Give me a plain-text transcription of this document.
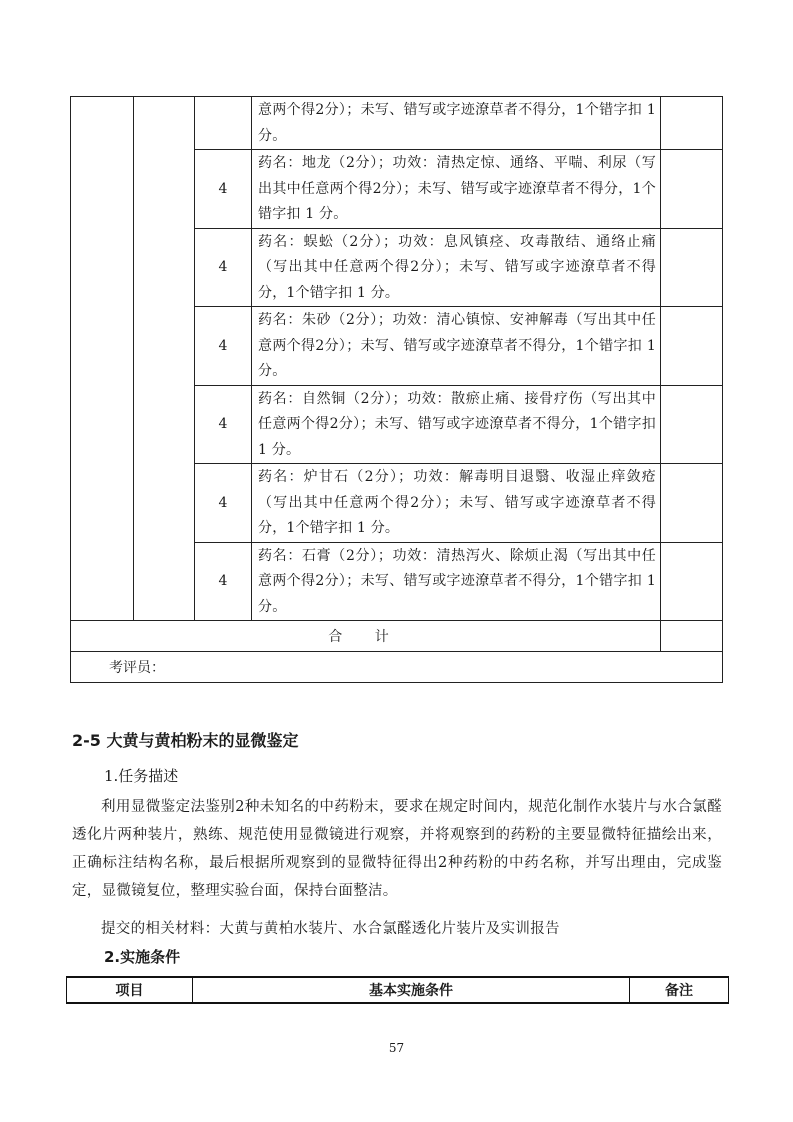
			意两个得2分）；未写、错写或字迹潦草者不得分，1个错字扣 1 分。	
		4	药名：地龙（2分）；功效：清热定惊、通络、平喘、利尿（写出其中任意两个得2分）；未写、错写或字迹潦草者不得分，1个错字扣 1 分。	
		4	药名：蜈蚣（2分）；功效：息风镇痉、攻毒散结、通络止痛（写出其中任意两个得2分）；未写、错写或字迹潦草者不得分，1个错字扣 1 分。	
		4	药名：朱砂（2分）；功效：清心镇惊、安神解毒（写出其中任意两个得2分）；未写、错写或字迹潦草者不得分，1个错字扣 1 分。	
		4	药名：自然铜（2分）；功效：散瘀止痛、接骨疗伤（写出其中任意两个得2分）；未写、错写或字迹潦草者不得分，1个错字扣 1 分。	
		4	药名：炉甘石（2分）；功效：解毒明目退翳、收湿止痒敛疮（写出其中任意两个得2分）；未写、错写或字迹潦草者不得分，1个错字扣 1 分。	
		4	药名：石膏（2分）；功效：清热泻火、除烦止渴（写出其中任意两个得2分）；未写、错写或字迹潦草者不得分，1个错字扣 1 分。	
合 计				
考评员：				
2-5 大黄与黄柏粉末的显微鉴定
1.任务描述

利用显微鉴定法鉴别2种未知名的中药粉末，要求在规定时间内，规范化制作水装片与水合氯醛透化片两种装片，熟练、规范使用显微镜进行观察，并将观察到的药粉的主要显微特征描绘出来，正确标注结构名称，最后根据所观察到的显微特征得出2种药粉的中药名称，并写出理由，完成鉴定，显微镜复位，整理实验台面，保持台面整洁。

提交的相关材料：大黄与黄柏水装片、水合氯醛透化片装片及实训报告

2.实施条件
项目	基本实施条件	备注
57
